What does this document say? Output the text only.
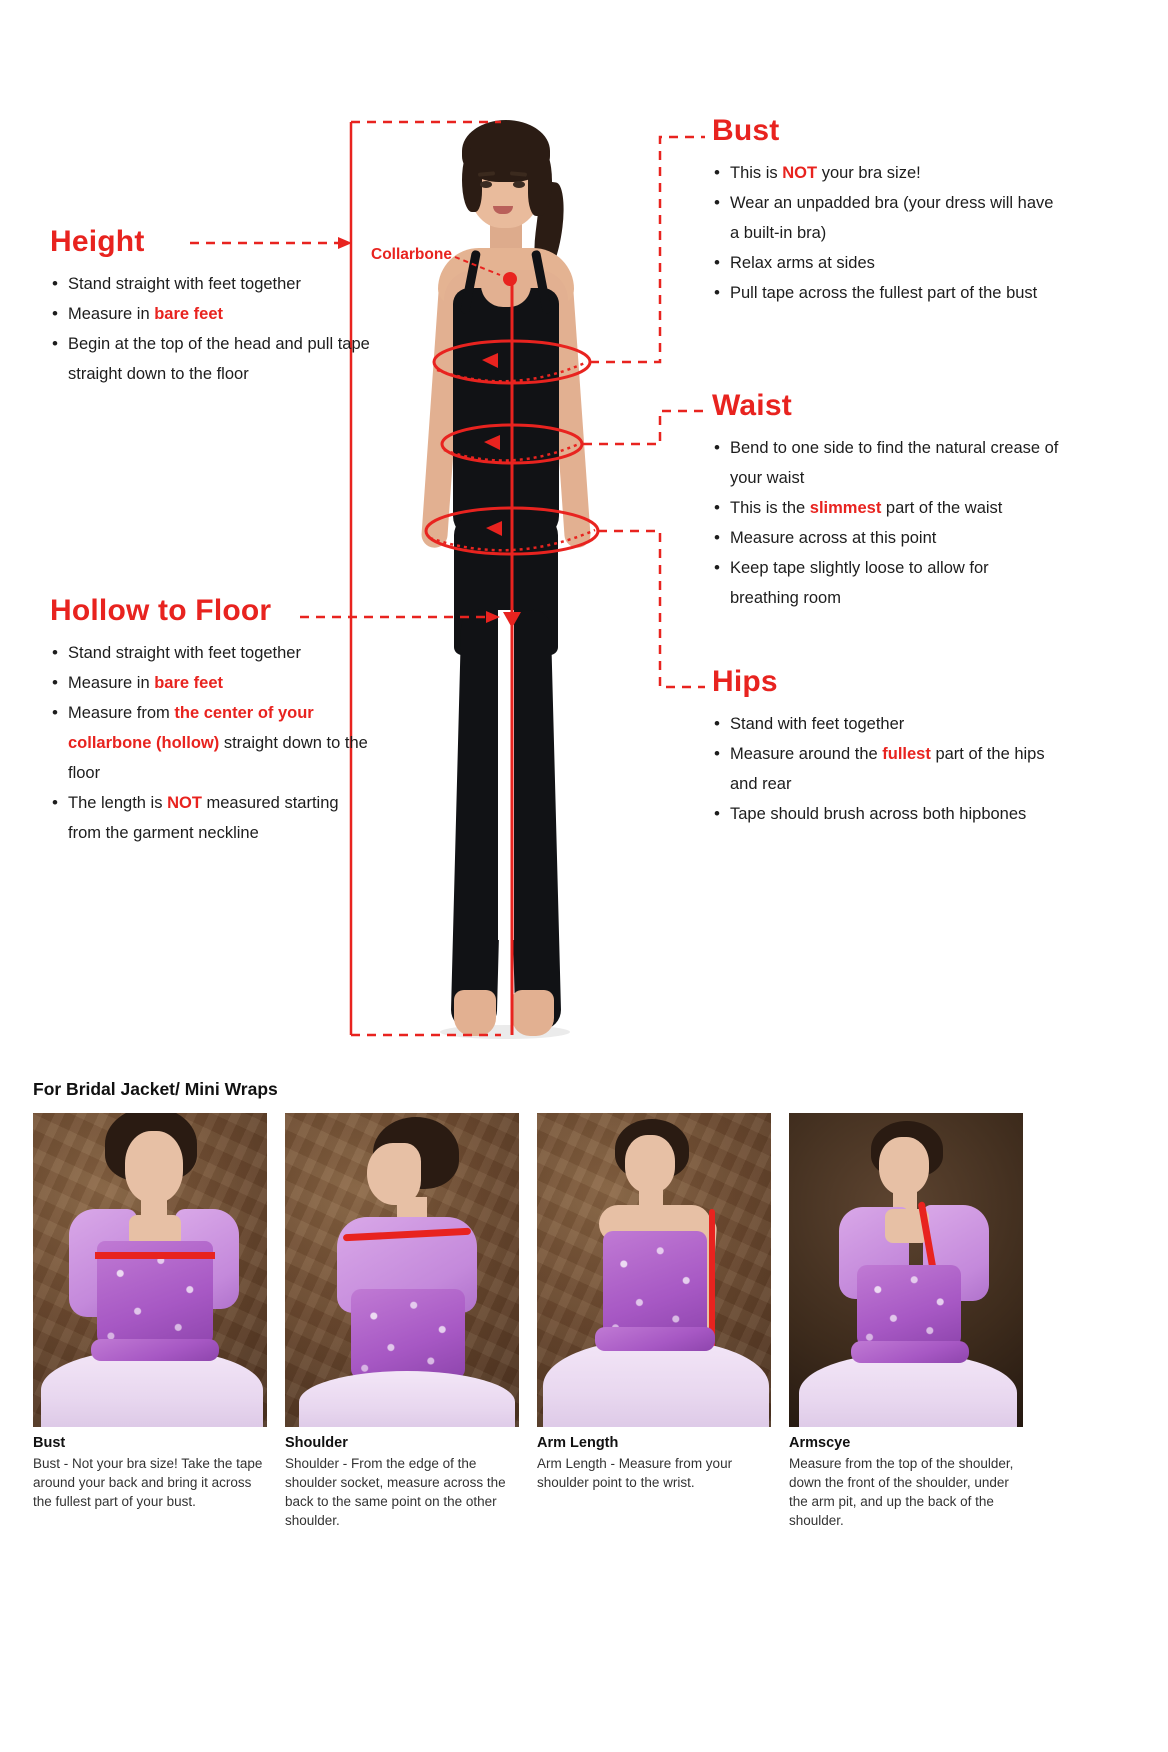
Collarbone
Height
• Stand straight with feet together
• Measure in bare feet
• Begin at the top of the head and pull tape straight down to the floor
Hollow to Floor
• Stand straight with feet together
• Measure in bare feet
• Measure from the center of your collarbone (hollow) straight down to the floor
• The length is NOT measured starting from the garment neckline
Bust
• This is NOT your bra size!
• Wear an unpadded bra (your dress will have a built-in bra)
• Relax arms at sides
• Pull tape across the fullest part of the bust
Waist
• Bend to one side to find the natural crease of your waist
• This is the slimmest part of the waist
• Measure across at this point
• Keep tape slightly loose to allow for breathing room
Hips
• Stand with feet together
• Measure around the fullest part of the hips and rear
• Tape should brush across both hipbones
For Bridal Jacket/ Mini Wraps
Bust
Bust - Not your bra size! Take the tape around your back and bring it across the fullest part of your bust.
Shoulder
Shoulder - From the edge of the shoulder socket, measure across the back to the same point on the other shoulder.
Arm Length
Arm Length - Measure from your shoulder point to the wrist.
Armscye
Measure from the top of the shoulder, down the front of the shoulder, under the arm pit, and up the back of the shoulder.
